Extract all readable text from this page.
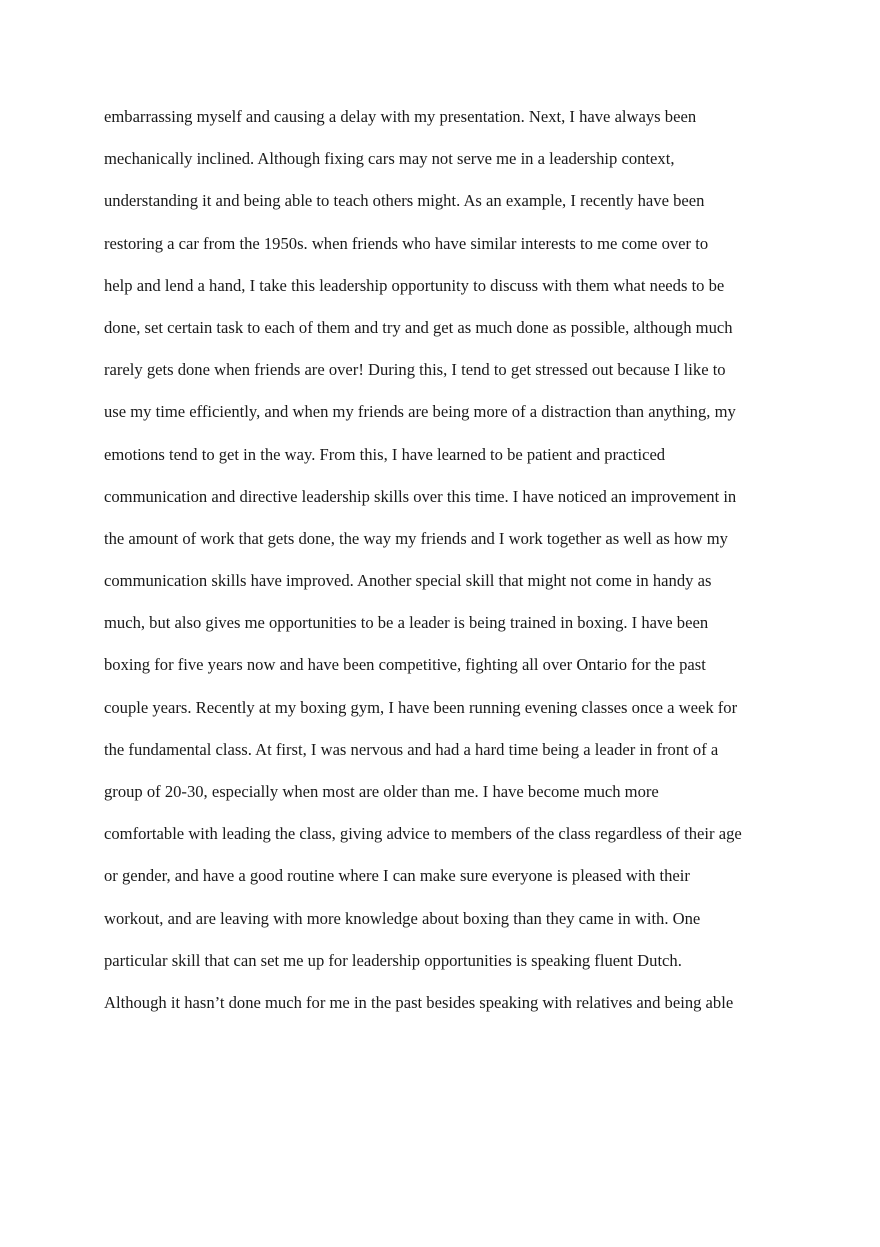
embarrassing myself and causing a delay with my presentation. Next, I have always been
mechanically inclined. Although fixing cars may not serve me in a leadership context,
understanding it and being able to teach others might. As an example, I recently have been
restoring a car from the 1950s. when friends who have similar interests to me come over to
help and lend a hand, I take this leadership opportunity to discuss with them what needs to be
done, set certain task to each of them and try and get as much done as possible, although much
rarely gets done when friends are over! During this, I tend to get stressed out because I like to
use my time efficiently, and when my friends are being more of a distraction than anything, my
emotions tend to get in the way. From this, I have learned to be patient and practiced
communication and directive leadership skills over this time. I have noticed an improvement in
the amount of work that gets done, the way my friends and I work together as well as how my
communication skills have improved. Another special skill that might not come in handy as
much, but also gives me opportunities to be a leader is being trained in boxing. I have been
boxing for five years now and have been competitive, fighting all over Ontario for the past
couple years. Recently at my boxing gym, I have been running evening classes once a week for
the fundamental class. At first, I was nervous and had a hard time being a leader in front of a
group of 20-30, especially when most are older than me. I have become much more
comfortable with leading the class, giving advice to members of the class regardless of their age
or gender, and have a good routine where I can make sure everyone is pleased with their
workout, and are leaving with more knowledge about boxing than they came in with. One
particular skill that can set me up for leadership opportunities is speaking fluent Dutch.
Although it hasn’t done much for me in the past besides speaking with relatives and being able
